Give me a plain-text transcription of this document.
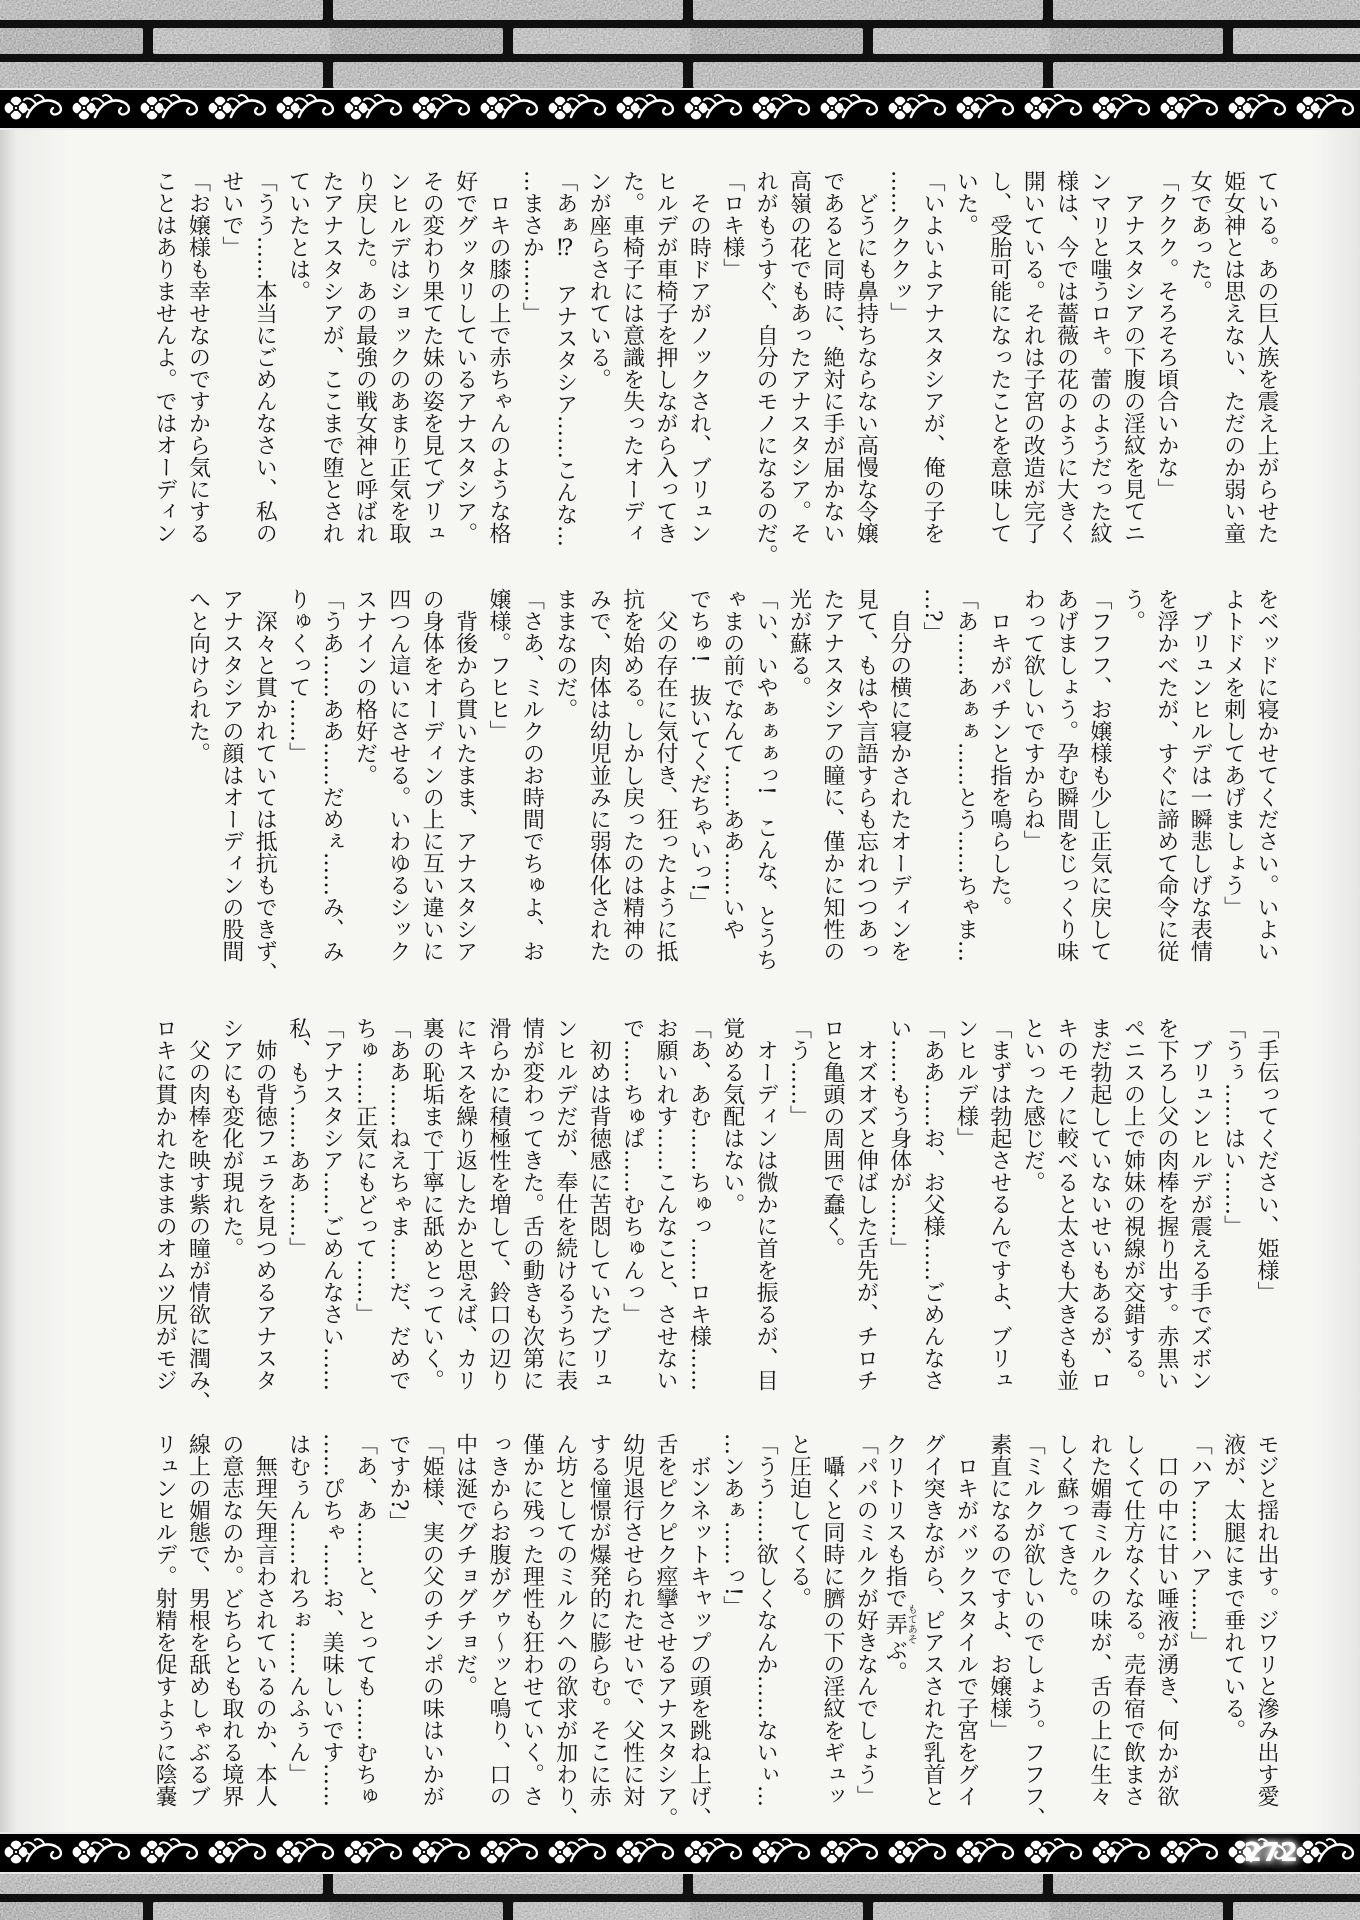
ている。あの巨人族を震え上がらせた
姫女神とは思えない、ただのか弱い童
女であった。
「ククク。そろそろ頃合いかな」
　アナスタシアの下腹の淫紋を見てニ
ンマリと嗤うロキ。蕾のようだった紋
様は、今では薔薇の花のように大きく
開いている。それは子宮の改造が完了
し、受胎可能になったことを意味して
いた。
「いよいよアナスタシアが、俺の子を
……クククッ」
　どうにも鼻持ちならない高慢な令嬢
であると同時に、絶対に手が届かない
高嶺の花でもあったアナスタシア。そ
れがもうすぐ、自分のモノになるのだ。
「ロキ様」
　その時ドアがノックされ、ブリュン
ヒルデが車椅子を押しながら入ってき
た。車椅子には意識を失ったオーディ
ンが座らされている。
「あぁ⁉　アナスタシア……こんな…
…まさか……」
　ロキの膝の上で赤ちゃんのような格
好でグッタリしているアナスタシア。
その変わり果てた妹の姿を見てブリュ
ンヒルデはショックのあまり正気を取
り戻した。あの最強の戦女神と呼ばれ
たアナスタシアが、ここまで堕とされ
ていたとは。
「うう……本当にごめんなさい、私の
せいで」
「お嬢様も幸せなのですから気にする
ことはありませんよ。ではオーディン
をベッドに寝かせてください。いよい
よトドメを刺してあげましょう」
　ブリュンヒルデは一瞬悲しげな表情
を浮かべたが、すぐに諦めて命令に従
う。
「フフフ、お嬢様も少し正気に戻して
あげましょう。孕む瞬間をじっくり味
わって欲しいですからね」
　ロキがパチンと指を鳴らした。
「あ……あぁぁ……とう……ちゃま…
…?」
　自分の横に寝かされたオーディンを
見て、もはや言語すらも忘れつつあっ
たアナスタシアの瞳に、僅かに知性の
光が蘇る。
「い、いやぁぁぁっ!　こんな、とうち
ゃまの前でなんて……ああ……いや
でちゅ!　抜いてくだちゃいっ!」
　父の存在に気付き、狂ったように抵
抗を始める。しかし戻ったのは精神の
みで、肉体は幼児並みに弱体化された
ままなのだ。
「さあ、ミルクのお時間でちゅよ、お
嬢様。フヒヒ」
　背後から貫いたまま、アナスタシア
の身体をオーディンの上に互い違いに
四つん這いにさせる。いわゆるシック
スナインの格好だ。
「うあ……ああ……だめぇ……み、み
りゅくって……」
　深々と貫かれていては抵抗もできず、
アナスタシアの顔はオーディンの股間
へと向けられた。
「手伝ってください、姫様」
「うぅ……はい……」
　ブリュンヒルデが震える手でズボン
を下ろし父の肉棒を握り出す。赤黒い
ペニスの上で姉妹の視線が交錯する。
まだ勃起していないせいもあるが、ロ
キのモノに較べると太さも大きさも並
といった感じだ。
「まずは勃起させるんですよ、ブリュ
ンヒルデ様」
「ああ……お、お父様……ごめんなさ
い……もう身体が……」
　オズオズと伸ばした舌先が、チロチ
ロと亀頭の周囲で蠢く。
「う……」
　オーディンは微かに首を振るが、目
覚める気配はない。
「あ、あむ……ちゅっ……ロキ様……
お願いれす……こんなこと、させない
で……ちゅぱ……むちゅんっ」
　初めは背徳感に苦悶していたブリュ
ンヒルデだが、奉仕を続けるうちに表
情が変わってきた。舌の動きも次第に
滑らかに積極性を増して、鈴口の辺り
にキスを繰り返したかと思えば、カリ
裏の恥垢まで丁寧に舐めとっていく。
「ああ……ねえちゃま……だ、だめで
ちゅ……正気にもどって……」
「アナスタシア……ごめんなさい……
私、もう……ああ……」
　姉の背徳フェラを見つめるアナスタ
シアにも変化が現れた。
　父の肉棒を映す紫の瞳が情欲に潤み、
ロキに貫かれたままのオムツ尻がモジ
モジと揺れ出す。ジワリと滲み出す愛
液が、太腿にまで垂れている。
「ハア……ハア……」
　口の中に甘い唾液が湧き、何かが欲
しくて仕方なくなる。売春宿で飲まさ
れた媚毒ミルクの味が、舌の上に生々
しく蘇ってきた。
「ミルクが欲しいのでしょう。フフフ、
素直になるのですよ、お嬢様」
　ロキがバックスタイルで子宮をグイ
グイ突きながら、ピアスされた乳首と
クリトリスも指で弄もてあそぶ。
「パパのミルクが好きなんでしょう」
　囁くと同時に臍の下の淫紋をギュッ
と圧迫してくる。
「うう……欲しくなんか……ないぃ…
…ンあぁ……っ!」
　ボンネットキャップの頭を跳ね上げ、
舌をピクピク痙攣させるアナスタシア。
幼児退行させられたせいで、父性に対
する憧憬が爆発的に膨らむ。そこに赤
ん坊としてのミルクへの欲求が加わり、
僅かに残った理性も狂わせていく。さ
っきからお腹がグゥ〜ッと鳴り、口の
中は涎でグチョグチョだ。
「姫様、実の父のチンポの味はいかが
ですか?」
「あ、あ……と、とっても……むちゅ
……ぴちゃ……お、美味しいです……
はむぅん……れろぉ……んふぅん」
　無理矢理言わされているのか、本人
の意志なのか。どちらとも取れる境界
線上の媚態で、男根を舐めしゃぶるブ
リュンヒルデ。射精を促すように陰嚢
272
